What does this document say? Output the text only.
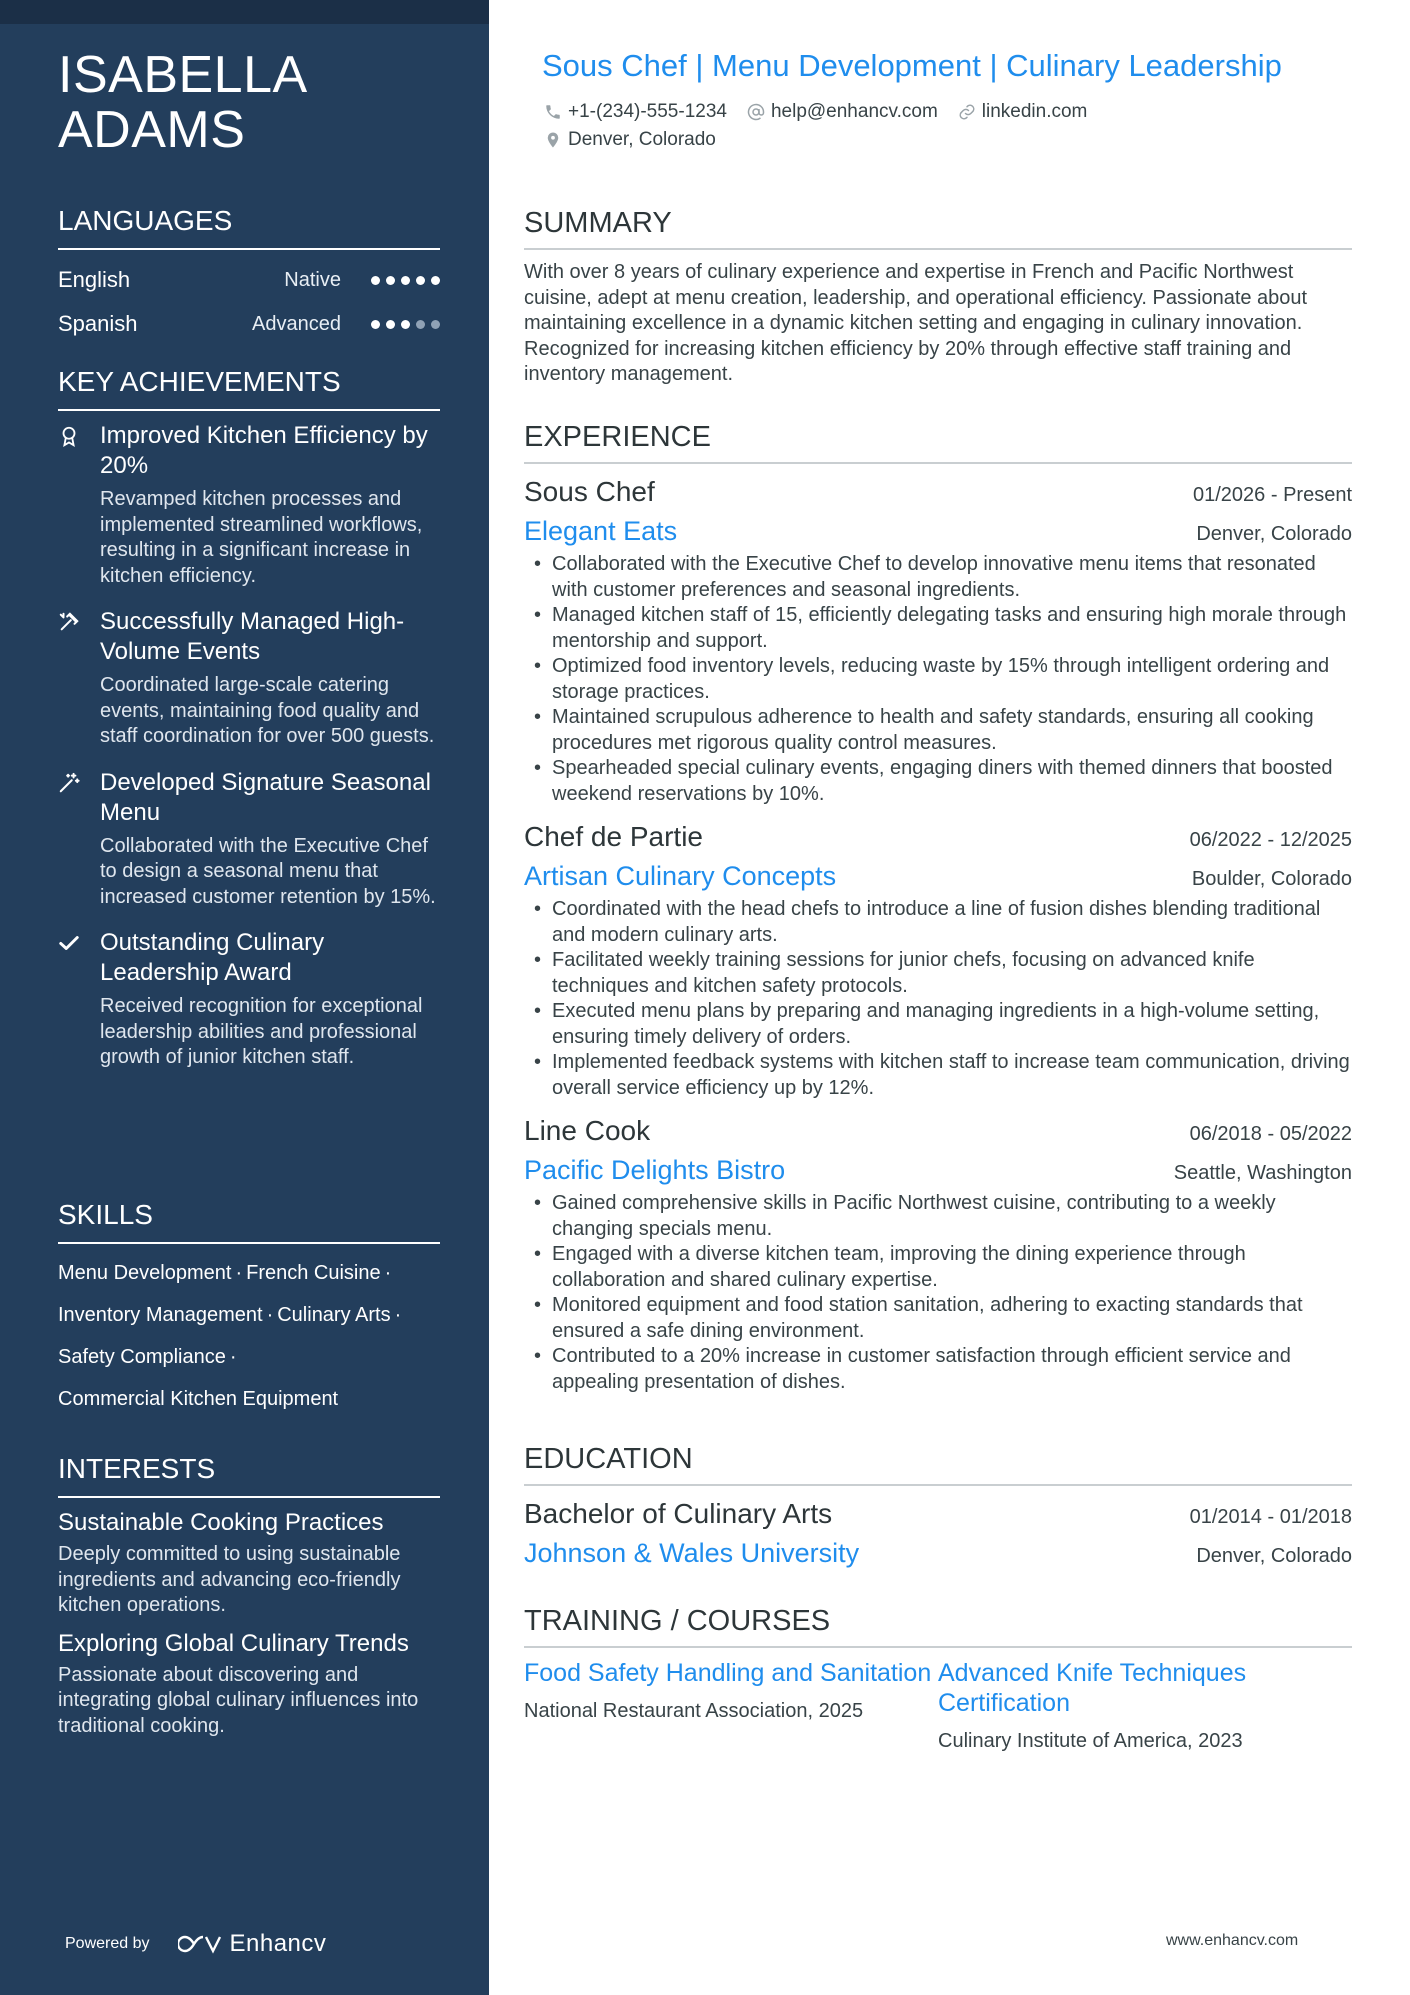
ISABELLA
ADAMS
LANGUAGES
English	Native
Spanish	Advanced
KEY ACHIEVEMENTS
Improved Kitchen Efficiency by 20%
Revamped kitchen processes and implemented streamlined workflows, resulting in a significant increase in kitchen efficiency.
Successfully Managed High-Volume Events
Coordinated large-scale catering events, maintaining food quality and staff coordination for over 500 guests.
Developed Signature Seasonal Menu
Collaborated with the Executive Chef to design a seasonal menu that increased customer retention by 15%.
Outstanding Culinary Leadership Award
Received recognition for exceptional leadership abilities and professional growth of junior kitchen staff.
SKILLS
Menu Development · French Cuisine ·
Inventory Management · Culinary Arts ·
Safety Compliance ·
Commercial Kitchen Equipment
INTERESTS
Sustainable Cooking Practices
Deeply committed to using sustainable ingredients and advancing eco-friendly kitchen operations.
Exploring Global Culinary Trends
Passionate about discovering and integrating global culinary influences into traditional cooking.
Powered by	Enhancv
Sous Chef | Menu Development | Culinary Leadership
+1-(234)-555-1234 help@enhancv.com linkedin.com
Denver, Colorado
SUMMARY
With over 8 years of culinary experience and expertise in French and Pacific Northwest cuisine, adept at menu creation, leadership, and operational efficiency. Passionate about maintaining excellence in a dynamic kitchen setting and engaging in culinary innovation. Recognized for increasing kitchen efficiency by 20% through effective staff training and inventory management.
EXPERIENCE
Sous Chef	01/2026 - Present
Elegant Eats	Denver, Colorado
• Collaborated with the Executive Chef to develop innovative menu items that resonated with customer preferences and seasonal ingredients.
• Managed kitchen staff of 15, efficiently delegating tasks and ensuring high morale through mentorship and support.
• Optimized food inventory levels, reducing waste by 15% through intelligent ordering and storage practices.
• Maintained scrupulous adherence to health and safety standards, ensuring all cooking procedures met rigorous quality control measures.
• Spearheaded special culinary events, engaging diners with themed dinners that boosted weekend reservations by 10%.
Chef de Partie	06/2022 - 12/2025
Artisan Culinary Concepts	Boulder, Colorado
• Coordinated with the head chefs to introduce a line of fusion dishes blending traditional and modern culinary arts.
• Facilitated weekly training sessions for junior chefs, focusing on advanced knife techniques and kitchen safety protocols.
• Executed menu plans by preparing and managing ingredients in a high-volume setting, ensuring timely delivery of orders.
• Implemented feedback systems with kitchen staff to increase team communication, driving overall service efficiency up by 12%.
Line Cook	06/2018 - 05/2022
Pacific Delights Bistro	Seattle, Washington
• Gained comprehensive skills in Pacific Northwest cuisine, contributing to a weekly changing specials menu.
• Engaged with a diverse kitchen team, improving the dining experience through collaboration and shared culinary expertise.
• Monitored equipment and food station sanitation, adhering to exacting standards that ensured a safe dining environment.
• Contributed to a 20% increase in customer satisfaction through efficient service and appealing presentation of dishes.
EDUCATION
Bachelor of Culinary Arts	01/2014 - 01/2018
Johnson & Wales University	Denver, Colorado
TRAINING / COURSES
Food Safety Handling and Sanitation
National Restaurant Association, 2025
Advanced Knife Techniques Certification
Culinary Institute of America, 2023
www.enhancv.com
